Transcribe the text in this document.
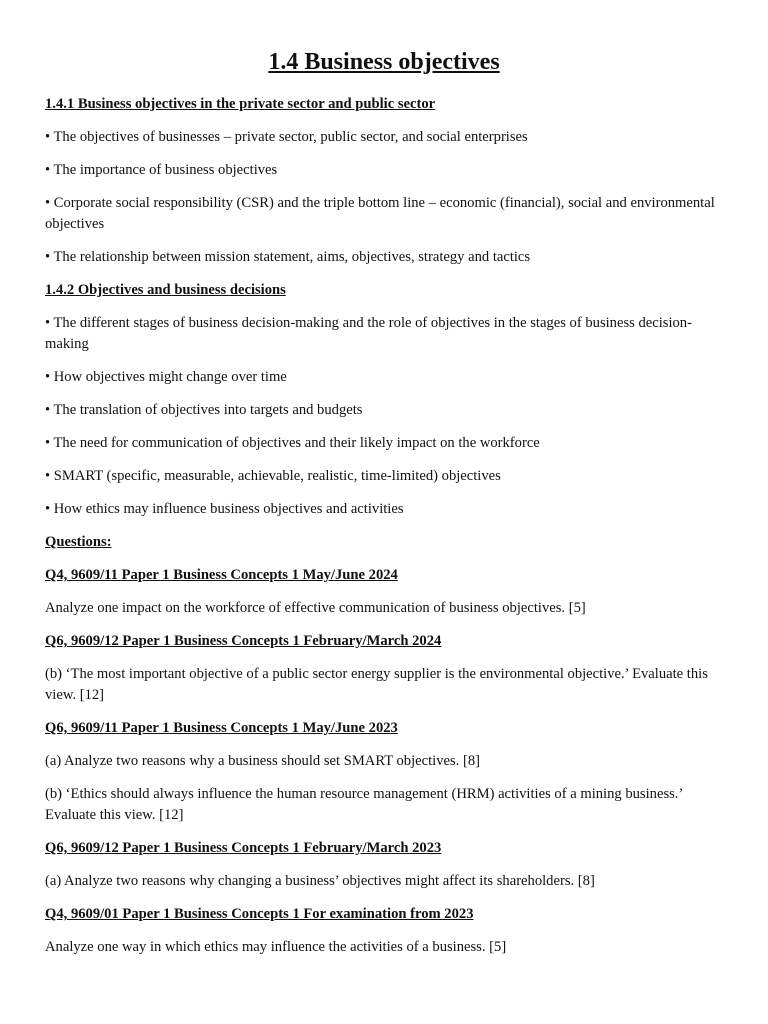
1.4 Business objectives
1.4.1 Business objectives in the private sector and public sector

• The objectives of businesses – private sector, public sector, and social enterprises

• The importance of business objectives

• Corporate social responsibility (CSR) and the triple bottom line – economic (financial), social and environmental objectives

• The relationship between mission statement, aims, objectives, strategy and tactics

1.4.2 Objectives and business decisions

• The different stages of business decision-making and the role of objectives in the stages of business decision-making

• How objectives might change over time

• The translation of objectives into targets and budgets

• The need for communication of objectives and their likely impact on the workforce

• SMART (specific, measurable, achievable, realistic, time-limited) objectives

• How ethics may influence business objectives and activities

Questions:
Q4, 9609/11 Paper 1 Business Concepts 1 May/June 2024

Analyze one impact on the workforce of effective communication of business objectives. [5]

Q6, 9609/12 Paper 1 Business Concepts 1 February/March 2024

(b) ‘The most important objective of a public sector energy supplier is the environmental objective.’ Evaluate this view. [12]

Q6, 9609/11 Paper 1 Business Concepts 1 May/June 2023

(a) Analyze two reasons why a business should set SMART objectives. [8]

(b) ‘Ethics should always influence the human resource management (HRM) activities of a mining business.’ Evaluate this view. [12]

Q6, 9609/12 Paper 1 Business Concepts 1 February/March 2023

(a) Analyze two reasons why changing a business’ objectives might affect its shareholders. [8]

Q4, 9609/01 Paper 1 Business Concepts 1 For examination from 2023

Analyze one way in which ethics may influence the activities of a business. [5]
